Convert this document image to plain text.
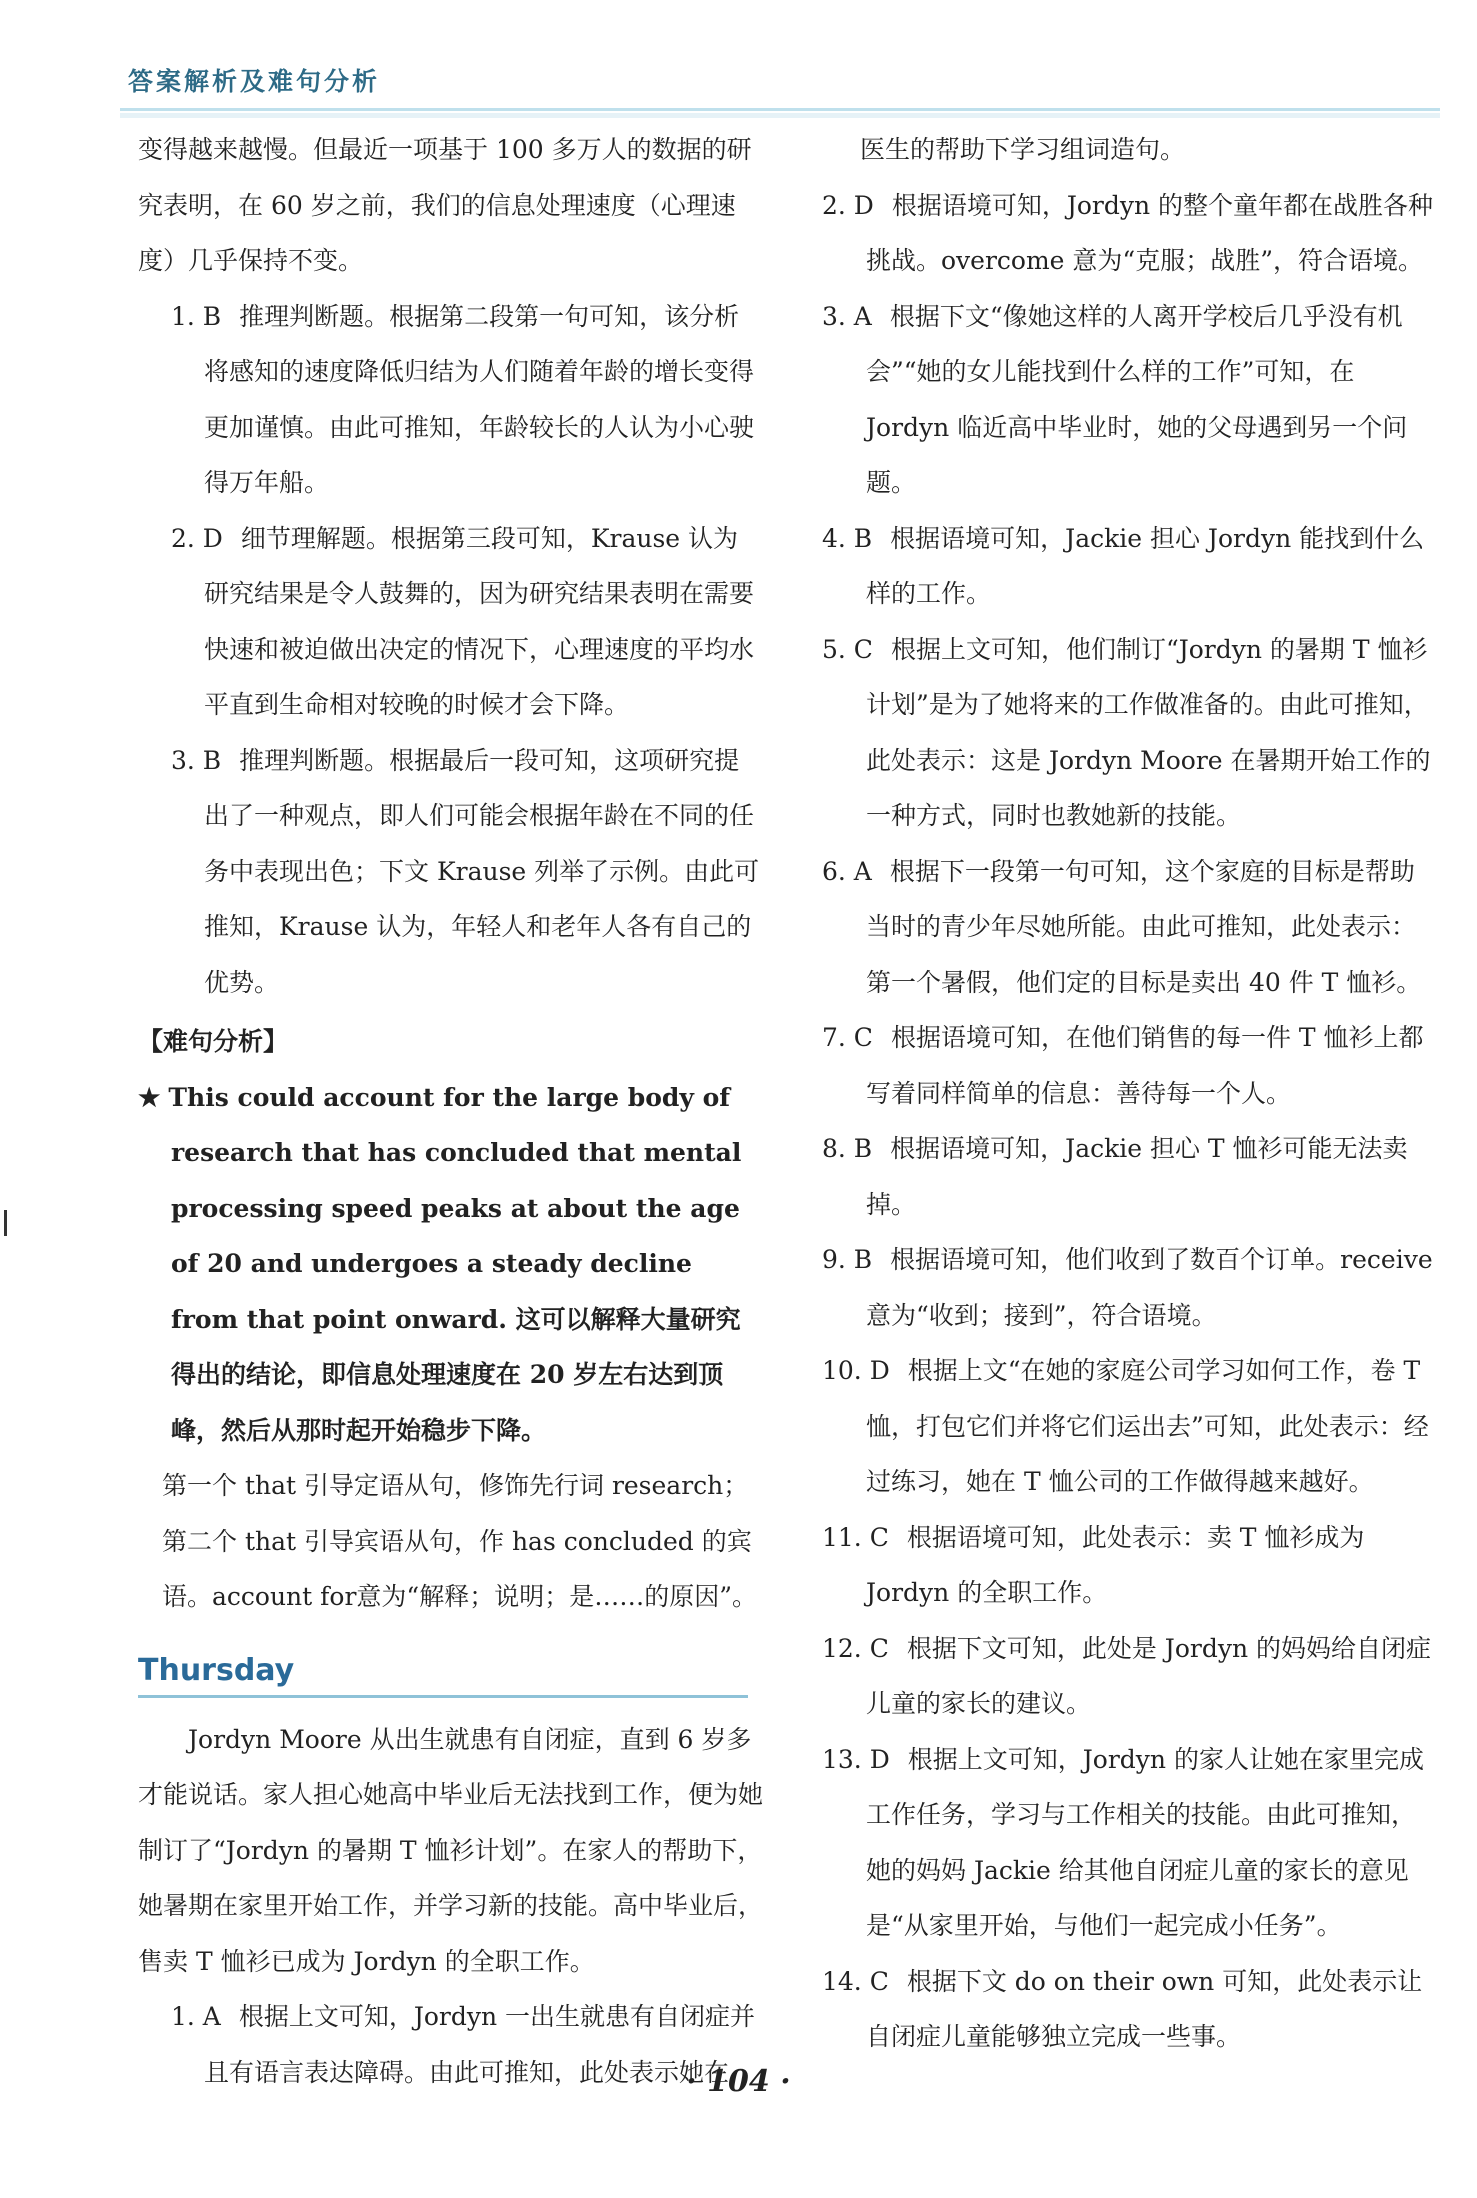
答案解析及难句分析

变得越来越慢。但最近一项基于 100 多万人的数据的研究表明，在 60 岁之前，我们的信息处理速度（心理速度）几乎保持不变。

1. B 推理判断题。根据第二段第一句可知，该分析将感知的速度降低归结为人们随着年龄的增长变得更加谨慎。由此可推知，年龄较长的人认为小心驶得万年船。

2. D 细节理解题。根据第三段可知，Krause 认为研究结果是令人鼓舞的，因为研究结果表明在需要快速和被迫做出决定的情况下，心理速度的平均水平直到生命相对较晚的时候才会下降。

3. B 推理判断题。根据最后一段可知，这项研究提出了一种观点，即人们可能会根据年龄在不同的任务中表现出色；下文 Krause 列举了示例。由此可推知，Krause 认为，年轻人和老年人各有自己的优势。

【难句分析】

★ This could account for the large body of research that has concluded that mental processing speed peaks at about the age of 20 and undergoes a steady decline from that point onward. 这可以解释大量研究得出的结论，即信息处理速度在 20 岁左右达到顶峰，然后从那时起开始稳步下降。

第一个 that 引导定语从句，修饰先行词 research；第二个 that 引导宾语从句，作 has concluded 的宾语。account for意为“解释；说明；是……的原因”。

Thursday

Jordyn Moore 从出生就患有自闭症，直到 6 岁多才能说话。家人担心她高中毕业后无法找到工作，便为她制订了“Jordyn 的暑期 T 恤衫计划”。在家人的帮助下，她暑期在家里开始工作，并学习新的技能。高中毕业后，售卖 T 恤衫已成为 Jordyn 的全职工作。

1. A 根据上文可知，Jordyn 一出生就患有自闭症并且有语言表达障碍。由此可推知，此处表示她在

医生的帮助下学习组词造句。

2. D 根据语境可知，Jordyn 的整个童年都在战胜各种挑战。overcome 意为“克服；战胜”，符合语境。

3. A 根据下文“像她这样的人离开学校后几乎没有机会”“她的女儿能找到什么样的工作”可知，在 Jordyn 临近高中毕业时，她的父母遇到另一个问题。

4. B 根据语境可知，Jackie 担心 Jordyn 能找到什么样的工作。

5. C 根据上文可知，他们制订“Jordyn 的暑期 T 恤衫计划”是为了她将来的工作做准备的。由此可推知，此处表示：这是 Jordyn Moore 在暑期开始工作的一种方式，同时也教她新的技能。

6. A 根据下一段第一句可知，这个家庭的目标是帮助当时的青少年尽她所能。由此可推知，此处表示：第一个暑假，他们定的目标是卖出 40 件 T 恤衫。

7. C 根据语境可知，在他们销售的每一件 T 恤衫上都写着同样简单的信息：善待每一个人。

8. B 根据语境可知，Jackie 担心 T 恤衫可能无法卖掉。

9. B 根据语境可知，他们收到了数百个订单。receive 意为“收到；接到”，符合语境。

10. D 根据上文“在她的家庭公司学习如何工作，卷 T 恤，打包它们并将它们运出去”可知，此处表示：经过练习，她在 T 恤公司的工作做得越来越好。

11. C 根据语境可知，此处表示：卖 T 恤衫成为 Jordyn 的全职工作。

12. C 根据下文可知，此处是 Jordyn 的妈妈给自闭症儿童的家长的建议。

13. D 根据上文可知，Jordyn 的家人让她在家里完成工作任务，学习与工作相关的技能。由此可推知，她的妈妈 Jackie 给其他自闭症儿童的家长的意见是“从家里开始，与他们一起完成小任务”。

14. C 根据下文 do on their own 可知，此处表示让自闭症儿童能够独立完成一些事。

· 104 ·
